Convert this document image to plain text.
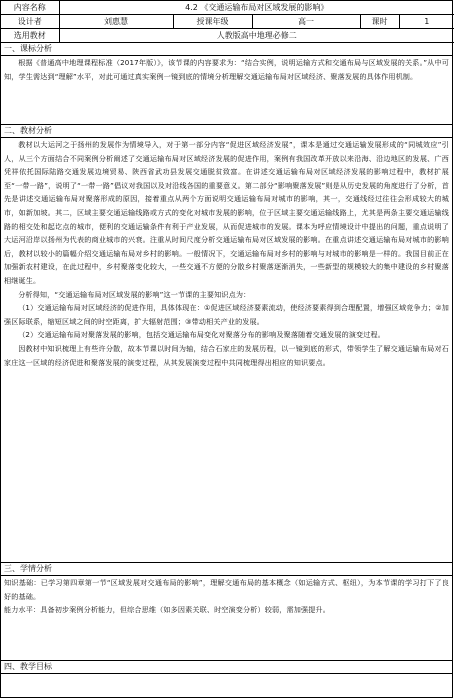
内容名称	4.2 《交通运输布局对区域发展的影响》				
设计者	刘惠慧	授课年级	高一	课时	1
选用教材	人教版高中地理必修二				
一、课标分析

根据《普通高中地理课程标准（2017年版）》，该节课的内容要求为：“结合实例，说明运输方式和交通布局与区域发展的关系。”从中可知，学生需达到“理解”水平，对此可通过真实案例一镜到底的情境分析理解交通运输布局对区域经济、聚落发展的具体作用机制。

二、教材分析

教材以大运河之于扬州的发展作为情境导入，对于第一部分内容“促进区域经济发展”，课本是通过交通运输发展形成的“同城效应”引人，从三个方面结合不同案例分析阐述了交通运输布局对区域经济发展的促进作用，案例有我国改革开放以来沿海、沿边地区的发展、广西凭祥依托国际陆路交通发展边境贸易、陕西省武功县发展交通脱贫致富。在讲述交通运输布局对区域经济发展的影响过程中，教材扩展至“一带一路”，说明了“一带一路”倡议对我国以及对沿线各国的重要意义。第二部分“影响聚落发展”则是从历史发展的角度进行了分析，首先是讲述交通运输布局对聚落形成的原因，接着重点从两个方面说明交通运输布局对城市的影响，其一，交通线经过往往会形成较大的城市，如新加坡。其二，区域主要交通运输线路或方式的变化对城市发展的影响，位于区域主要交通运输线路上，尤其是两条主要交通运输线路的相交处和起讫点的城市，便利的交通运输条件有利于产业发展，从而促进城市的发展。课本为呼应情境设计中提出的问题，重点说明了大运河沿岸以扬州为代表的商业城市的兴衰。注重从时间尺度分析交通运输布局对区域发展的影响。在重点讲述交通运输布局对城市的影响后，教材以较小的篇幅介绍交通运输布局对乡村的影响。一般情况下，交通运输布局对乡村的影响与对城市的影响是一样的。我国目前正在加强新农村建设，在此过程中，乡村聚落变化较大，一些交通不方便的分散乡村聚落逐渐消失，一些新型的规模较大的集中建设的乡村聚落相继诞生。

分析得知，“交通运输布局对区域发展的影响”这一节课的主要知识点为：

（1）交通运输布局对区域经济的促进作用，具体体现在：①促进区域经济要素流动，使经济要素得到合理配置，增强区域竞争力；②加强区际联系，缩短区域之间的时空距离，扩大辐射范围；③带动相关产业的发展。

（2）交通运输布局对聚落发展的影响，包括交通运输布局变化对聚落分布的影响及聚落随着交通发展的演变过程。

因教材中知识梳理上有些许分散，故本节课以时间为轴，结合石家庄的发展历程，以一镜到底的形式，带领学生了解交通运输布局对石家庄这一区域的经济促进和聚落发展的演变过程，从其发展演变过程中共同梳理得出相应的知识要点。

三、学情分析

知识基础：已学习第四章第一节“区域发展对交通布局的影响”，理解交通布局的基本概念（如运输方式、枢纽），为本节课的学习打下了良好的基础。

能力水平：具备初步案例分析能力，但综合思维（如多因素关联、时空演变分析）较弱，需加强提升。

四、教学目标
